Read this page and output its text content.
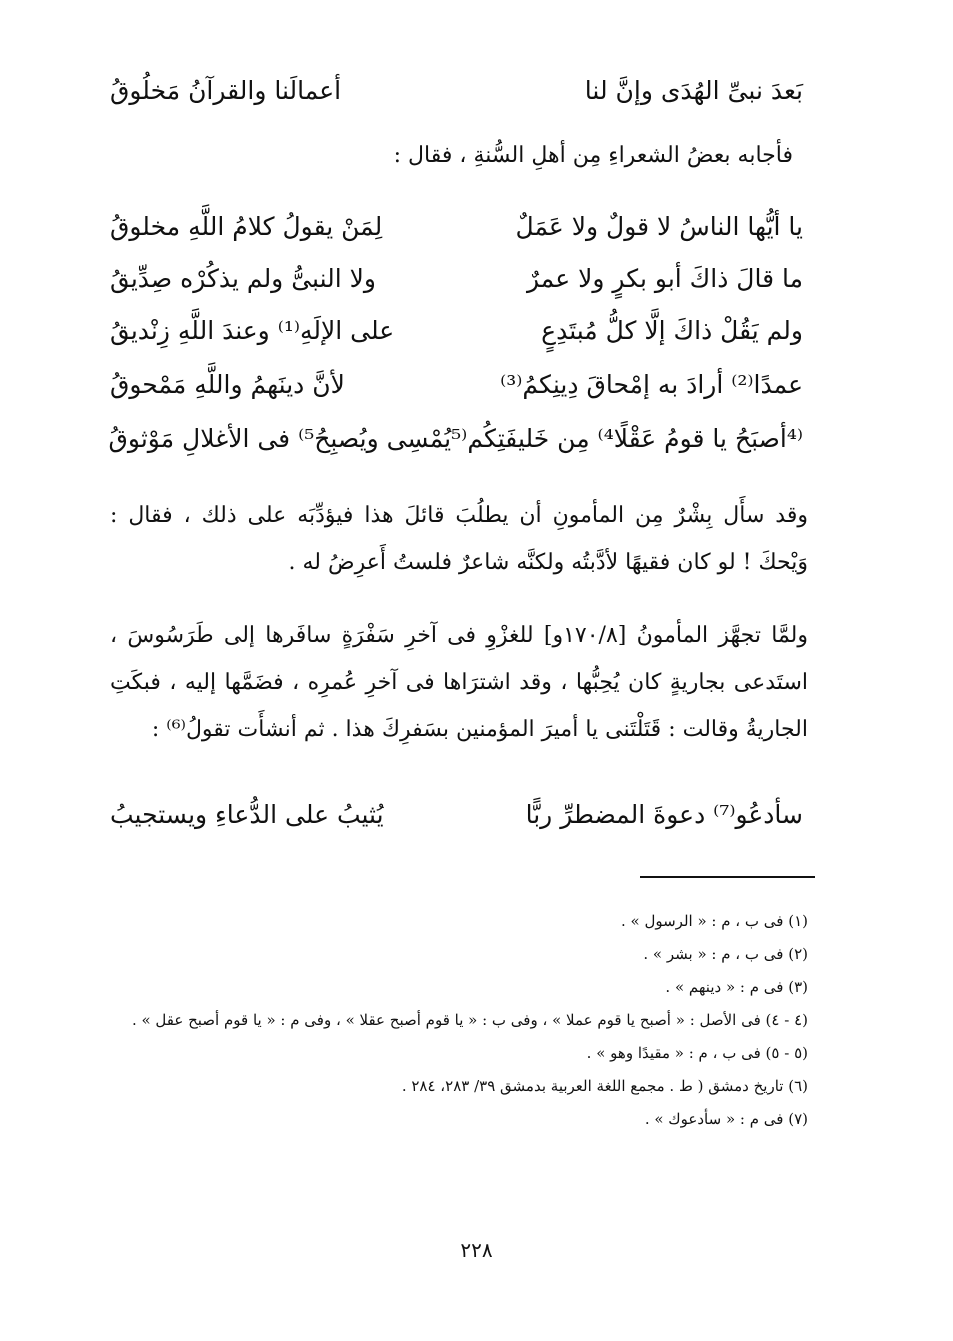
بَعدَ نبىِّ الهُدَى وإنَّ لنا
أعمالَنا والقرآنُ مَخلُوقُ
فأجابه بعضُ الشعراءِ مِن أهلِ السُّنةِ ، فقال :
يا أيُّها الناسُ لا قولٌ ولا عَمَلٌ
لِمَنْ يقولُ كلامُ اللَّهِ مخلوقُ
ما قالَ ذاكَ أبو بكرٍ ولا عمرٌ
ولا النبىُّ ولم يذكُرْه صِدِّيقُ
ولم يَقُلْ ذاكَ إلَّا كلُّ مُبتَدِعٍ
على الإلَهِ⁽¹⁾ وعندَ اللَّهِ زِنْديقُ
عمدًا⁽²⁾ أرادَ به إمْحاقَ دِينِكمُ⁽³⁾
لأنَّ دينَهمُ واللَّهِ مَمْحوقُ
⁽⁴أصبَحُ يا قومُ عَقْلًا⁴⁾ مِن خَليفَتِكُم
⁽⁵يُمْسِى ويُصبِحُ⁵⁾ فى الأغلالِ مَوْثوقُ
وقد سأَل بِشْرٌ مِن المأمونِ أن يطلُبَ قائلَ هذا فيؤدِّبَه على ذلك ، فقال : وَيْحكَ ! لو كان فقيهًا لأدَّبتُه ولكنَّه شاعرٌ فلستُ أَعرِضُ له .
ولمَّا تجهَّز المأمونُ [١٧٠/٨و] للغزْوِ فى آخرِ سَفْرَةٍ سافَرها إلى طَرَسُوسَ ، استَدعى بجاريةٍ كان يُحِبُّها ، وقد اشترَاها فى آخرِ عُمرِه ، فضَمَّها إليه ، فبكَتِ الجاريةُ وقالت : قَتَلْتَنى يا أميرَ المؤمنين بسَفرِكَ هذا . ثم أنشأَت تقولُ⁽⁶⁾ :
سأدعُو⁽⁷⁾ دعوةَ المضطرِّ ربًّا
يُثيبُ على الدُّعاءِ ويستجيبُ
(١) فى ب ، م : « الرسول » .
(٢) فى ب ، م : « بشر » .
(٣) فى م : « دينهم » .
(٤ - ٤) فى الأصل : « أصبح يا قوم عملا » ، وفى ب : « يا قوم أصبح عقلا » ، وفى م : « يا قوم أصبح عقل » .
(٥ - ٥) فى ب ، م : « مقيدًا وهو » .
(٦) تاريخ دمشق ( ط . مجمع اللغة العربية بدمشق ٣٩/ ٢٨٣، ٢٨٤ .
(٧) فى م : « سأدعوك » .
٢٢٨
